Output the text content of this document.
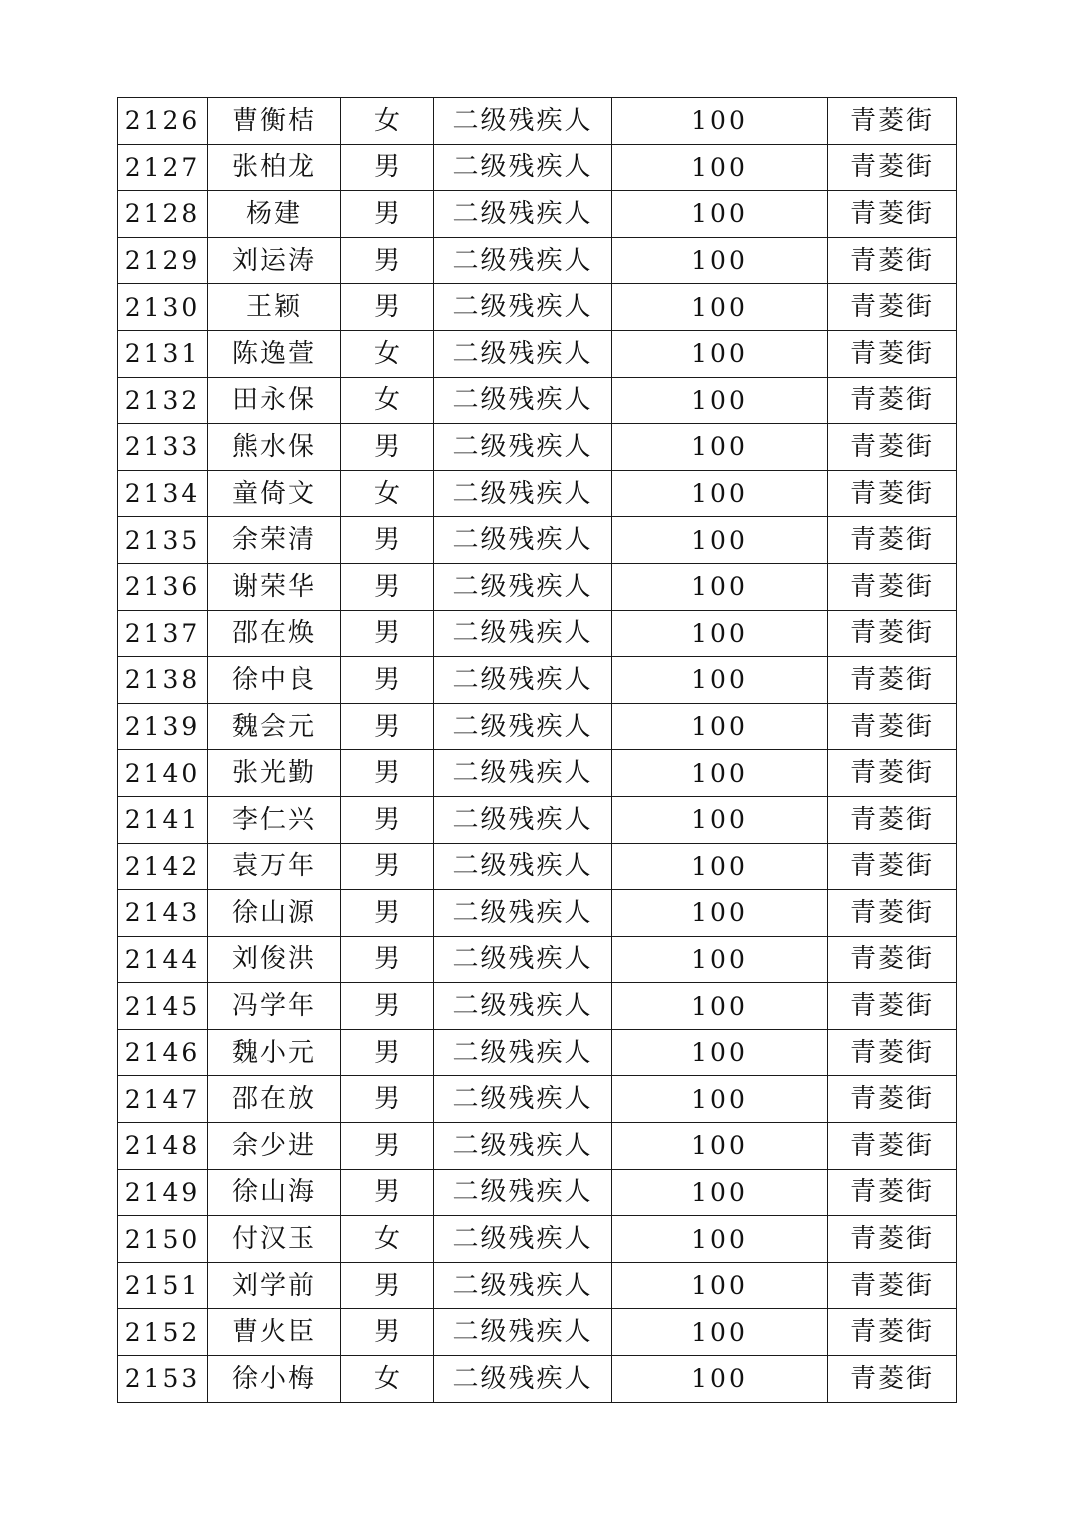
2126	曹衡桔	女	二级残疾人	100	青菱街
2127	张柏龙	男	二级残疾人	100	青菱街
2128	杨建	男	二级残疾人	100	青菱街
2129	刘运涛	男	二级残疾人	100	青菱街
2130	王颖	男	二级残疾人	100	青菱街
2131	陈逸萱	女	二级残疾人	100	青菱街
2132	田永保	女	二级残疾人	100	青菱街
2133	熊水保	男	二级残疾人	100	青菱街
2134	童倚文	女	二级残疾人	100	青菱街
2135	余荣清	男	二级残疾人	100	青菱街
2136	谢荣华	男	二级残疾人	100	青菱街
2137	邵在焕	男	二级残疾人	100	青菱街
2138	徐中良	男	二级残疾人	100	青菱街
2139	魏会元	男	二级残疾人	100	青菱街
2140	张光勤	男	二级残疾人	100	青菱街
2141	李仁兴	男	二级残疾人	100	青菱街
2142	袁万年	男	二级残疾人	100	青菱街
2143	徐山源	男	二级残疾人	100	青菱街
2144	刘俊洪	男	二级残疾人	100	青菱街
2145	冯学年	男	二级残疾人	100	青菱街
2146	魏小元	男	二级残疾人	100	青菱街
2147	邵在放	男	二级残疾人	100	青菱街
2148	余少进	男	二级残疾人	100	青菱街
2149	徐山海	男	二级残疾人	100	青菱街
2150	付汉玉	女	二级残疾人	100	青菱街
2151	刘学前	男	二级残疾人	100	青菱街
2152	曹火臣	男	二级残疾人	100	青菱街
2153	徐小梅	女	二级残疾人	100	青菱街
